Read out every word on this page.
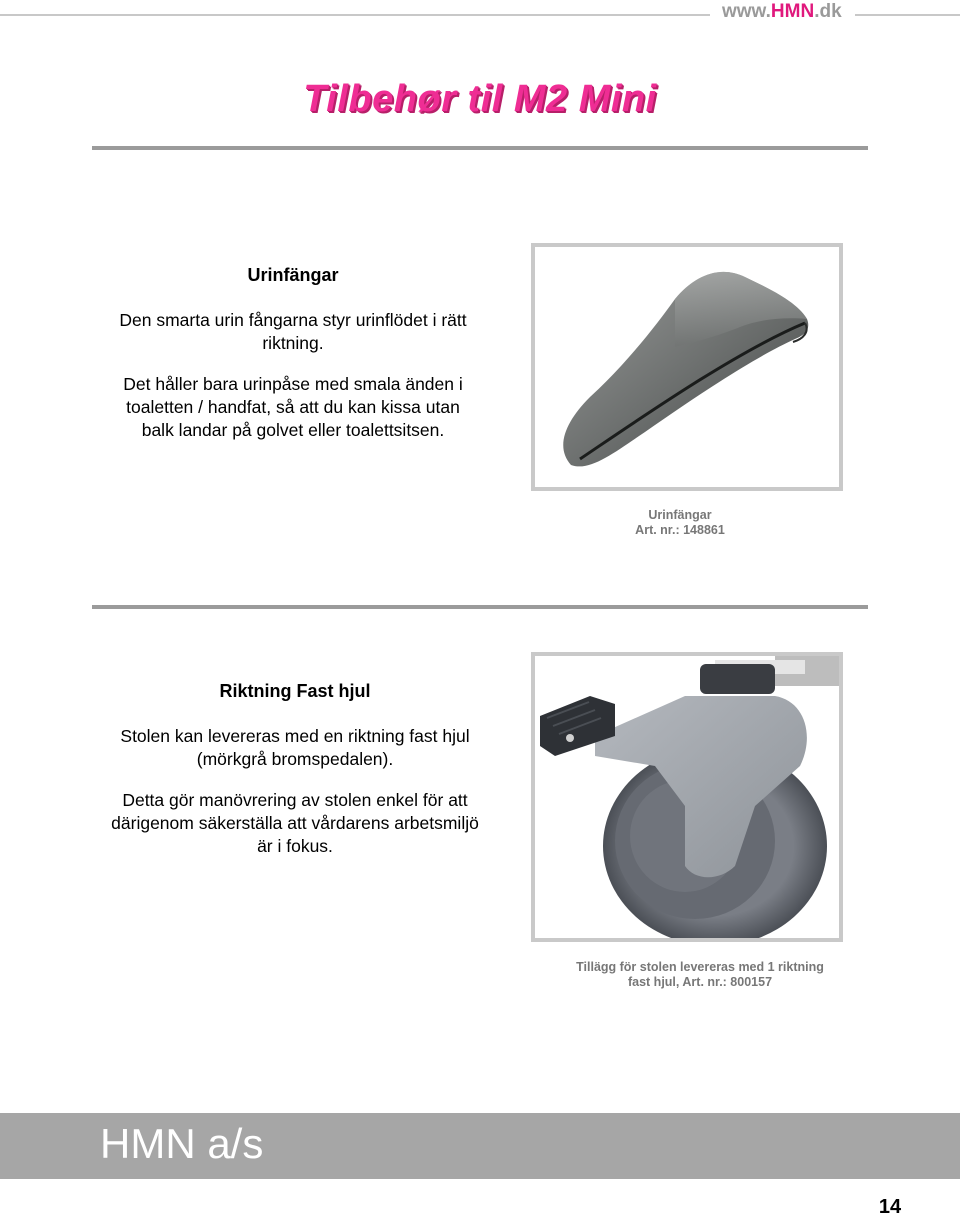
www.HMN.dk
Tilbehør til M2 Mini
Urinfängar

Den smarta urin fångarna styr urinflödet i rätt riktning.

Det håller bara urinpåse med smala änden i toaletten / handfat, så att du kan kissa utan balk landar på golvet eller toalettsitsen.

Urinfängar
Art. nr.: 148861
Riktning Fast hjul

Stolen kan levereras med en riktning fast hjul (mörkgrå bromspedalen).

Detta gör manövrering av stolen enkel för att därigenom säkerställa att vårdarens arbetsmiljö är i fokus.

Tillägg för stolen levereras med 1 riktning
fast hjul, Art. nr.: 800157
HMN a/s
14
